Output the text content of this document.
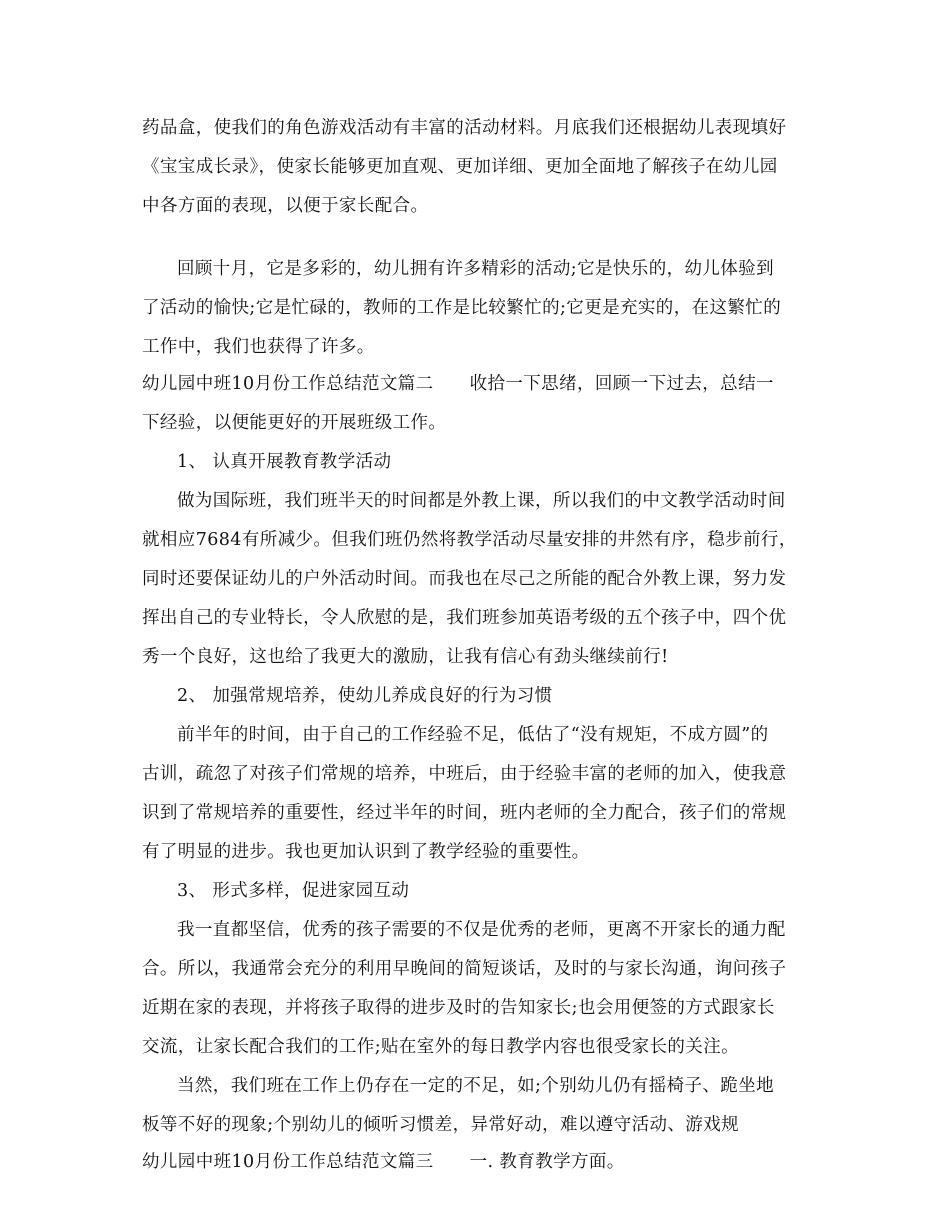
药品盒，使我们的角色游戏活动有丰富的活动材料。月底我们还根据幼儿表现填好
《宝宝成长录》，使家长能够更加直观、更加详细、更加全面地了解孩子在幼儿园
中各方面的表现，以便于家长配合。
回顾十月，它是多彩的，幼儿拥有许多精彩的活动;它是快乐的，幼儿体验到
了活动的愉快;它是忙碌的，教师的工作是比较繁忙的;它更是充实的，在这繁忙的
工作中，我们也获得了许多。
幼儿园中班10月份工作总结范文篇二 收拾一下思绪，回顾一下过去，总结一
下经验，以便能更好的开展班级工作。
1、 认真开展教育教学活动
做为国际班，我们班半天的时间都是外教上课，所以我们的中文教学活动时间
就相应7684有所减少。但我们班仍然将教学活动尽量安排的井然有序，稳步前行，
同时还要保证幼儿的户外活动时间。而我也在尽己之所能的配合外教上课，努力发
挥出自己的专业特长，令人欣慰的是，我们班参加英语考级的五个孩子中，四个优
秀一个良好，这也给了我更大的激励，让我有信心有劲头继续前行!
2、 加强常规培养，使幼儿养成良好的行为习惯
前半年的时间，由于自己的工作经验不足，低估了“没有规矩，不成方圆”的
古训，疏忽了对孩子们常规的培养，中班后，由于经验丰富的老师的加入，使我意
识到了常规培养的重要性，经过半年的时间，班内老师的全力配合，孩子们的常规
有了明显的进步。我也更加认识到了教学经验的重要性。
3、 形式多样，促进家园互动
我一直都坚信，优秀的孩子需要的不仅是优秀的老师，更离不开家长的通力配
合。所以，我通常会充分的利用早晚间的简短谈话，及时的与家长沟通，询问孩子
近期在家的表现，并将孩子取得的进步及时的告知家长;也会用便签的方式跟家长
交流，让家长配合我们的工作;贴在室外的每日教学内容也很受家长的关注。
当然，我们班在工作上仍存在一定的不足，如;个别幼儿仍有摇椅子、跪坐地
板等不好的现象;个别幼儿的倾听习惯差，异常好动，难以遵守活动、游戏规
幼儿园中班10月份工作总结范文篇三 一. 教育教学方面。
